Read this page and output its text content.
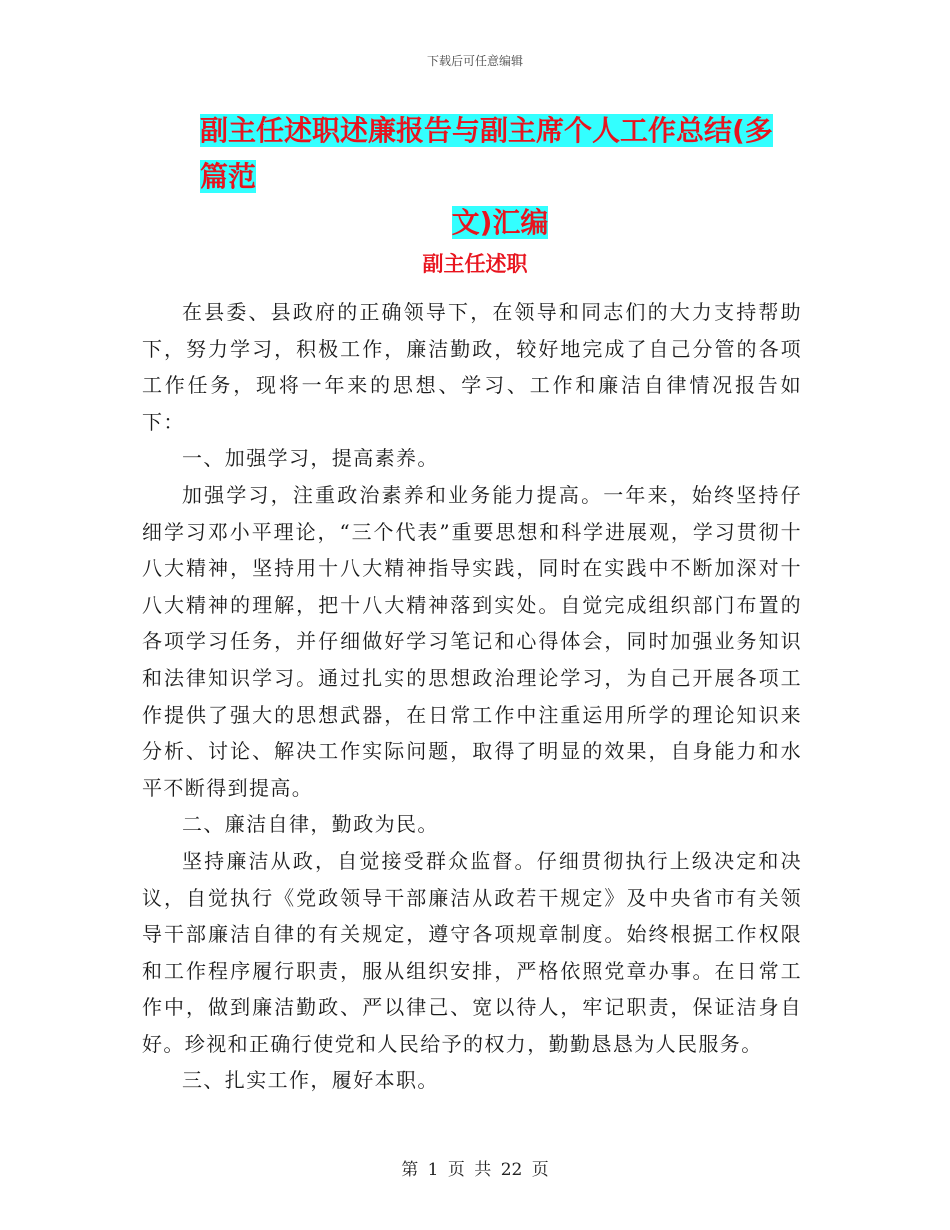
下载后可任意编辑
副主任述职述廉报告与副主席个人工作总结(多篇范
文)汇编
副主任述职

在县委、县政府的正确领导下，在领导和同志们的大力支持帮助下，努力学习，积极工作，廉洁勤政，较好地完成了自己分管的各项工作任务，现将一年来的思想、学习、工作和廉洁自律情况报告如下：

一、加强学习，提高素养。

加强学习，注重政治素养和业务能力提高。一年来，始终坚持仔细学习邓小平理论，“三个代表”重要思想和科学进展观，学习贯彻十八大精神，坚持用十八大精神指导实践，同时在实践中不断加深对十八大精神的理解，把十八大精神落到实处。自觉完成组织部门布置的各项学习任务，并仔细做好学习笔记和心得体会，同时加强业务知识和法律知识学习。通过扎实的思想政治理论学习，为自己开展各项工作提供了强大的思想武器，在日常工作中注重运用所学的理论知识来分析、讨论、解决工作实际问题，取得了明显的效果，自身能力和水平不断得到提高。

二、廉洁自律，勤政为民。

坚持廉洁从政，自觉接受群众监督。仔细贯彻执行上级决定和决议，自觉执行《党政领导干部廉洁从政若干规定》及中央省市有关领导干部廉洁自律的有关规定，遵守各项规章制度。始终根据工作权限和工作程序履行职责，服从组织安排，严格依照党章办事。在日常工作中，做到廉洁勤政、严以律己、宽以待人，牢记职责，保证洁身自好。珍视和正确行使党和人民给予的权力，勤勤恳恳为人民服务。

三、扎实工作，履好本职。

第 1 页 共 22 页
